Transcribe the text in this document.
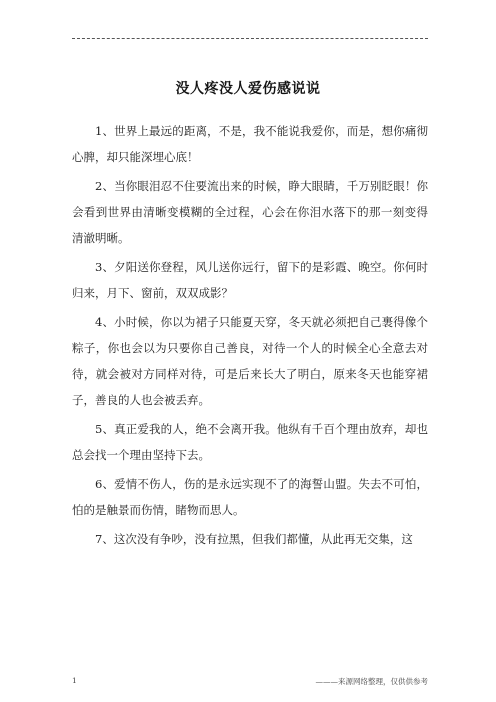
没人疼没人爱伤感说说

1、世界上最远的距离，不是，我不能说我爱你，而是，想你痛彻心脾，却只能深埋心底！

2、当你眼泪忍不住要流出来的时候，睁大眼睛，千万别眨眼！你会看到世界由清晰变模糊的全过程，心会在你泪水落下的那一刻变得清澈明晰。

3、夕阳送你登程，风儿送你远行，留下的是彩霞、晚空。你何时归来，月下、窗前，双双成影？

4、小时候，你以为裙子只能夏天穿，冬天就必须把自己裹得像个粽子，你也会以为只要你自己善良，对待一个人的时候全心全意去对待，就会被对方同样对待，可是后来长大了明白，原来冬天也能穿裙子，善良的人也会被丢弃。

5、真正爱我的人，绝不会离开我。他纵有千百个理由放弃，却也总会找一个理由坚持下去。

6、爱情不伤人，伤的是永远实现不了的海誓山盟。失去不可怕，怕的是触景而伤情，睹物而思人。

7、这次没有争吵，没有拉黑，但我们都懂，从此再无交集，这

1	———来源网络整理，仅供供参考
